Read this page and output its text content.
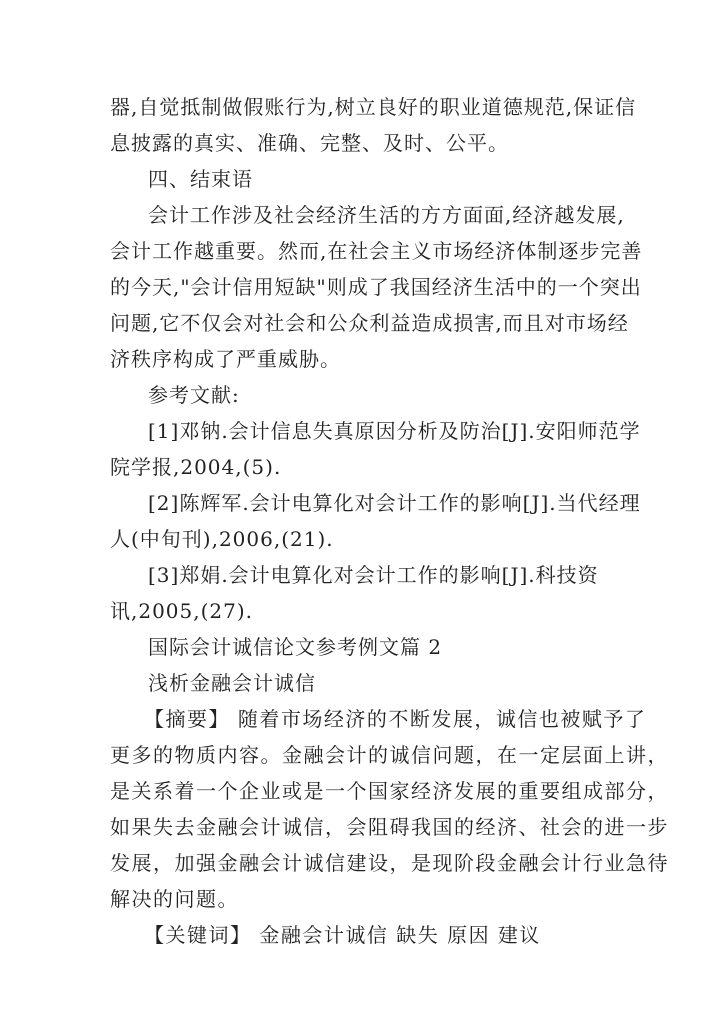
器,自觉抵制做假账行为,树立良好的职业道德规范,保证信
息披露的真实、准确、完整、及时、公平。
四、结束语
会计工作涉及社会经济生活的方方面面,经济越发展,
会计工作越重要。然而,在社会主义市场经济体制逐步完善
的今天,"会计信用短缺"则成了我国经济生活中的一个突出
问题,它不仅会对社会和公众利益造成损害,而且对市场经
济秩序构成了严重威胁。
参考文献:
[1]邓钠.会计信息失真原因分析及防治[J].安阳师范学
院学报,2004,(5).
[2]陈辉军.会计电算化对会计工作的影响[J].当代经理
人(中旬刊),2006,(21).
[3]郑娟.会计电算化对会计工作的影响[J].科技资
讯,2005,(27).
国际会计诚信论文参考例文篇 2
浅析金融会计诚信
【摘要】 随着市场经济的不断发展，诚信也被赋予了
更多的物质内容。金融会计的诚信问题，在一定层面上讲，
是关系着一个企业或是一个国家经济发展的重要组成部分，
如果失去金融会计诚信，会阻碍我国的经济、社会的进一步
发展，加强金融会计诚信建设，是现阶段金融会计行业急待
解决的问题。
【关键词】 金融会计诚信 缺失 原因 建议
